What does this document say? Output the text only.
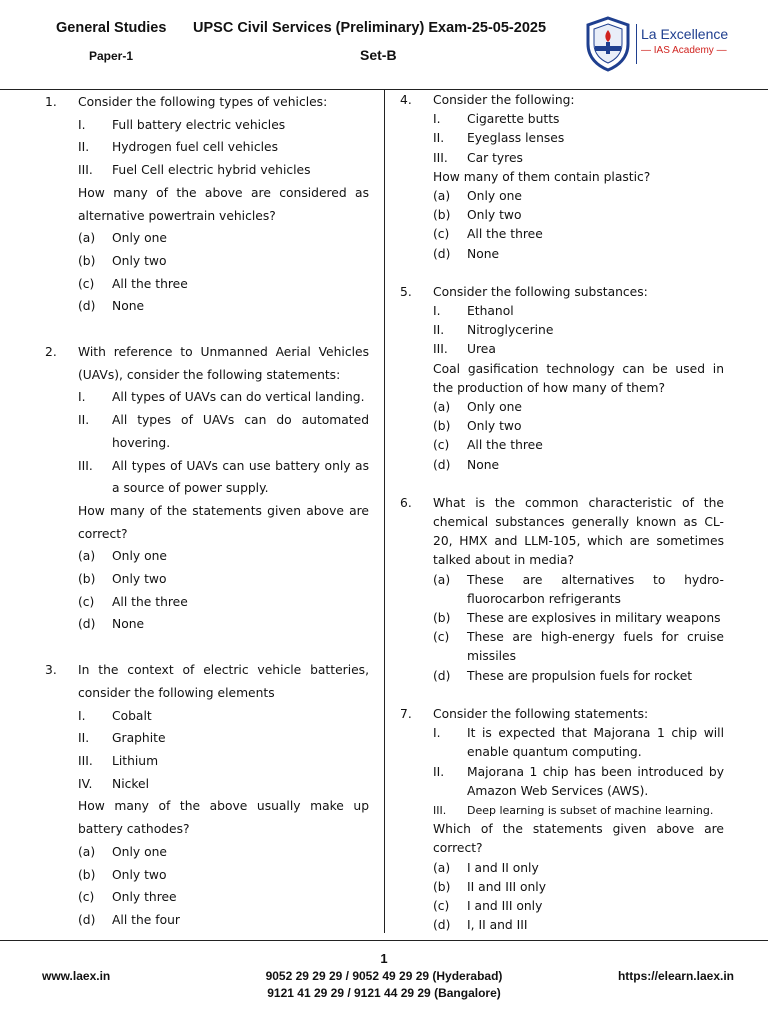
General Studies UPSC Civil Services (Preliminary) Exam-25-05-2025
Paper-1	Set-B
La Excellence
— IAS Academy —
1. Consider the following types of vehicles:
I. Full battery electric vehicles
II. Hydrogen fuel cell vehicles
III. Fuel Cell electric hybrid vehicles
How many of the above are considered as alternative powertrain vehicles?
(a) Only one
(b) Only two
(c) All the three
(d) None
2. With reference to Unmanned Aerial Vehicles (UAVs), consider the following statements:
I. All types of UAVs can do vertical landing.
II. All types of UAVs can do automated hovering.
III. All types of UAVs can use battery only as a source of power supply.
How many of the statements given above are correct?
(a) Only one
(b) Only two
(c) All the three
(d) None
3. In the context of electric vehicle batteries, consider the following elements
I. Cobalt
II. Graphite
III. Lithium
IV. Nickel
How many of the above usually make up battery cathodes?
(a) Only one
(b) Only two
(c) Only three
(d) All the four
4. Consider the following:
I. Cigarette butts
II. Eyeglass lenses
III. Car tyres
How many of them contain plastic?
(a) Only one
(b) Only two
(c) All the three
(d) None
5. Consider the following substances:
I. Ethanol
II. Nitroglycerine
III. Urea
Coal gasification technology can be used in the production of how many of them?
(a) Only one
(b) Only two
(c) All the three
(d) None
6. What is the common characteristic of the chemical substances generally known as CL-20, HMX and LLM-105, which are sometimes talked about in media?
(a) These are alternatives to hydro-fluorocarbon refrigerants
(b) These are explosives in military weapons
(c) These are high-energy fuels for cruise missiles
(d) These are propulsion fuels for rocket
7. Consider the following statements:
I. It is expected that Majorana 1 chip will enable quantum computing.
II. Majorana 1 chip has been introduced by Amazon Web Services (AWS).
III. Deep learning is subset of machine learning.
Which of the statements given above are correct?
(a) I and II only
(b) II and III only
(c) I and III only
(d) I, II and III
1
www.laex.in	9052 29 29 29 / 9052 49 29 29 (Hyderabad)
9121 41 29 29 / 9121 44 29 29 (Bangalore)
https://elearn.laex.in
